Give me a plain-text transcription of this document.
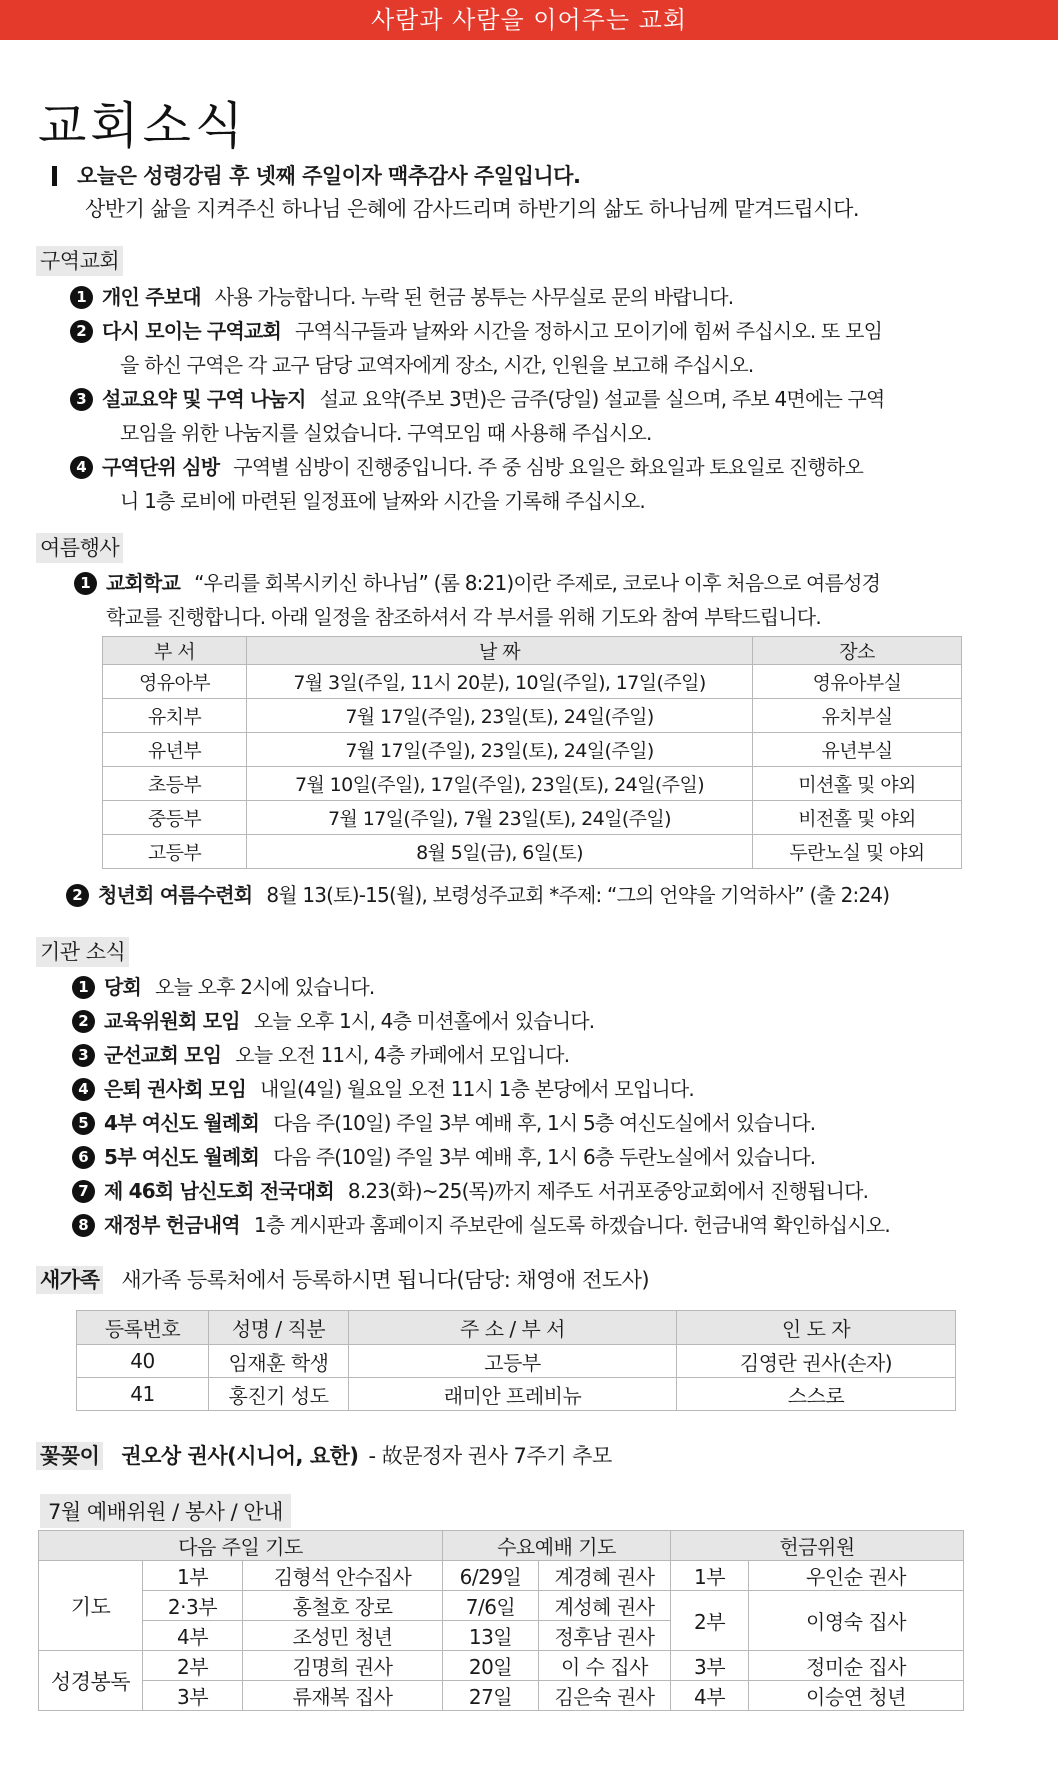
사람과 사람을 이어주는 교회
교회소식
오늘은 성령강림 후 넷째 주일이자 맥추감사 주일입니다.
상반기 삶을 지켜주신 하나님 은혜에 감사드리며 하반기의 삶도 하나님께 맡겨드립시다.
구역교회
1 개인 주보대 사용 가능합니다. 누락 된 헌금 봉투는 사무실로 문의 바랍니다.
2 다시 모이는 구역교회 구역식구들과 날짜와 시간을 정하시고 모이기에 힘써 주십시오. 또 모임
을 하신 구역은 각 교구 담당 교역자에게 장소, 시간, 인원을 보고해 주십시오.
3 설교요약 및 구역 나눔지 설교 요약(주보 3면)은 금주(당일) 설교를 실으며, 주보 4면에는 구역
모임을 위한 나눔지를 실었습니다. 구역모임 때 사용해 주십시오.
4 구역단위 심방 구역별 심방이 진행중입니다. 주 중 심방 요일은 화요일과 토요일로 진행하오
니 1층 로비에 마련된 일정표에 날짜와 시간을 기록해 주십시오.
여름행사
1 교회학교 “우리를 회복시키신 하나님” (롬 8:21)이란 주제로, 코로나 이후 처음으로 여름성경
학교를 진행합니다. 아래 일정을 참조하셔서 각 부서를 위해 기도와 참여 부탁드립니다.
부 서	날 짜	장소
영유아부	7월 3일(주일, 11시 20분), 10일(주일), 17일(주일)	영유아부실
유치부	7월 17일(주일), 23일(토), 24일(주일)	유치부실
유년부	7월 17일(주일), 23일(토), 24일(주일)	유년부실
초등부	7월 10일(주일), 17일(주일), 23일(토), 24일(주일)	미션홀 및 야외
중등부	7월 17일(주일), 7월 23일(토), 24일(주일)	비전홀 및 야외
고등부	8월 5일(금), 6일(토)	두란노실 및 야외
2 청년회 여름수련회 8월 13(토)-15(월), 보령성주교회 *주제: “그의 언약을 기억하사” (출 2:24)
기관 소식
1 당회 오늘 오후 2시에 있습니다.
2 교육위원회 모임 오늘 오후 1시, 4층 미션홀에서 있습니다.
3 군선교회 모임 오늘 오전 11시, 4층 카페에서 모입니다.
4 은퇴 권사회 모임 내일(4일) 월요일 오전 11시 1층 본당에서 모입니다.
5 4부 여신도 월례회 다음 주(10일) 주일 3부 예배 후, 1시 5층 여신도실에서 있습니다.
6 5부 여신도 월례회 다음 주(10일) 주일 3부 예배 후, 1시 6층 두란노실에서 있습니다.
7 제 46회 남신도회 전국대회 8.23(화)~25(목)까지 제주도 서귀포중앙교회에서 진행됩니다.
8 재정부 헌금내역 1층 게시판과 홈페이지 주보란에 실도록 하겠습니다. 헌금내역 확인하십시오.
새가족 새가족 등록처에서 등록하시면 됩니다(담당: 채영애 전도사)
등록번호	성명 / 직분	주 소 / 부 서	인 도 자
40	임재훈 학생	고등부	김영란 권사(손자)
41	홍진기 성도	래미안 프레비뉴	스스로
꽃꽂이 권오상 권사(시니어, 요한) - 故문정자 권사 7주기 추모
7월 예배위원 / 봉사 / 안내
다음 주일 기도			수요예배 기도		헌금위원	
기도	1부	김형석 안수집사	6/29일	계경혜 권사	1부	우인순 권사
	2·3부	홍철호 장로	7/6일	계성혜 권사	2부	이영숙 집사
	4부	조성민 청년	13일	정후남 권사		
성경봉독	2부	김명희 권사	20일	이 수 집사	3부	정미순 집사
	3부	류재복 집사	27일	김은숙 권사	4부	이승연 청년
